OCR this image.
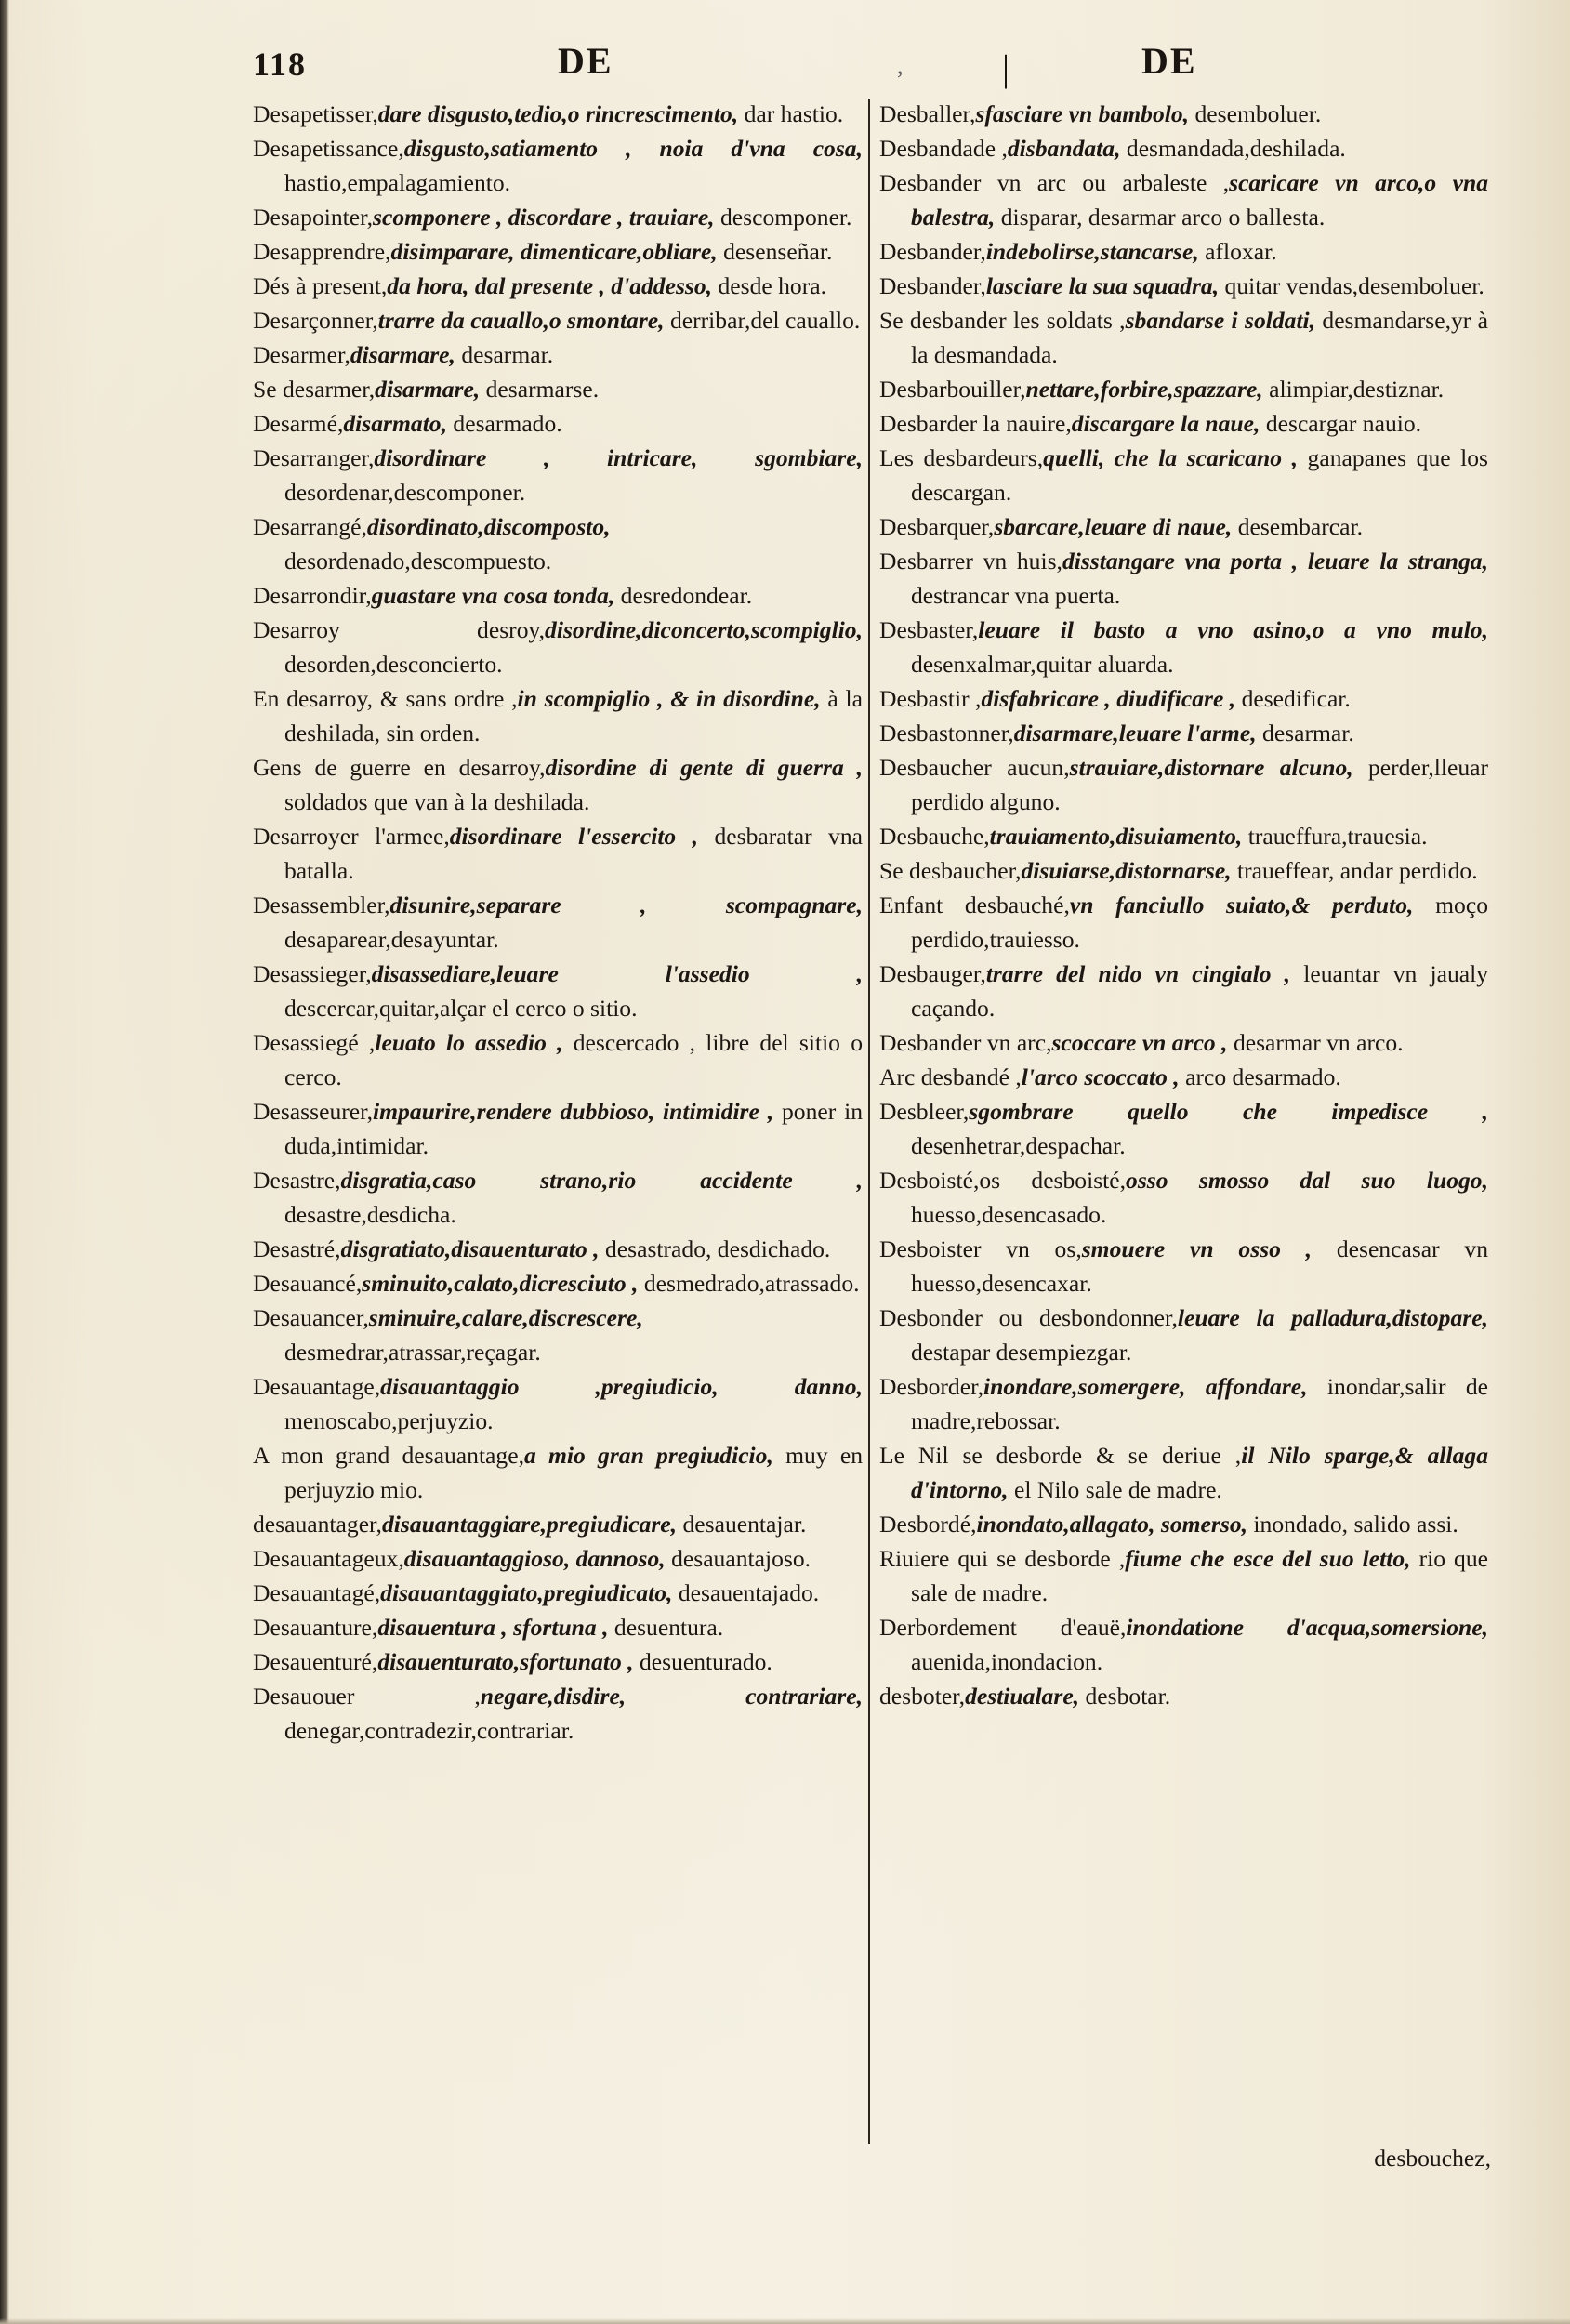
118	DE	,	|	DE

Desapetisser,dare disgusto,tedio,o rincrescimento, dar hastio.

Desapetissance,disgusto,satiamento , noia d'vna cosa, hastio,empalagamiento.

Desapointer,scomponere , discordare , trauiare, descomponer.

Desapprendre,disimparare, dimenticare,obliare, desenseñar.

Dés à present,da hora, dal presente , d'addesso, desde hora.

Desarçonner,trarre da cauallo,o smontare, derribar,del cauallo.

Desarmer,disarmare, desarmar.

Se desarmer,disarmare, desarmarse.

Desarmé,disarmato, desarmado.

Desarranger,disordinare , intricare, sgombiare, desordenar,descomponer.

Desarrangé,disordinato,discomposto, desordenado,descompuesto.

Desarrondir,guastare vna cosa tonda, desredondear.

Desarroy desroy,disordine,diconcerto,scompiglio, desorden,desconcierto.

En desarroy, & sans ordre ,in scompiglio , & in disordine, à la deshilada, sin orden.

Gens de guerre en desarroy,disordine di gente di guerra , soldados que van à la deshilada.

Desarroyer l'armee,disordinare l'essercito , desbaratar vna batalla.

Desassembler,disunire,separare , scompagnare, desaparear,desayuntar.

Desassieger,disassediare,leuare l'assedio , descercar,quitar,alçar el cerco o sitio.

Desassiegé ,leuato lo assedio , descercado , libre del sitio o cerco.

Desasseurer,impaurire,rendere dubbioso, intimidire , poner in duda,intimidar.

Desastre,disgratia,caso strano,rio accidente , desastre,desdicha.

Desastré,disgratiato,disauenturato , desastrado, desdichado.

Desauancé,sminuito,calato,dicresciuto , desmedrado,atrassado.

Desauancer,sminuire,calare,discrescere, desmedrar,atrassar,reçagar.

Desauantage,disauantaggio ,pregiudicio, danno, menoscabo,perjuyzio.

A mon grand desauantage,a mio gran pregiudicio, muy en perjuyzio mio.

desauantager,disauantaggiare,pregiudicare, desauentajar.

Desauantageux,disauantaggioso, dannoso, desauantajoso.

Desauantagé,disauantaggiato,pregiudicato, desauentajado.

Desauanture,disauentura , sfortuna , desuentura.

Desauenturé,disauenturato,sfortunato , desuenturado.

Desauouer ,negare,disdire, contrariare, denegar,contradezir,contrariar.

Desballer,sfasciare vn bambolo, desemboluer.

Desbandade ,disbandata, desmandada,deshilada.

Desbander vn arc ou arbaleste ,scaricare vn arco,o vna balestra, disparar, desarmar arco o ballesta.

Desbander,indebolirse,stancarse, afloxar.

Desbander,lasciare la sua squadra, quitar vendas,desemboluer.

Se desbander les soldats ,sbandarse i soldati, desmandarse,yr à la desmandada.

Desbarbouiller,nettare,forbire,spazzare, alimpiar,destiznar.

Desbarder la nauire,discargare la naue, descargar nauio.

Les desbardeurs,quelli, che la scaricano , ganapanes que los descargan.

Desbarquer,sbarcare,leuare di naue, desembarcar.

Desbarrer vn huis,disstangare vna porta , leuare la stranga, destrancar vna puerta.

Desbaster,leuare il basto a vno asino,o a vno mulo, desenxalmar,quitar aluarda.

Desbastir ,disfabricare , diudificare , desedificar.

Desbastonner,disarmare,leuare l'arme, desarmar.

Desbaucher aucun,strauiare,distornare alcuno, perder,lleuar perdido alguno.

Desbauche,trauiamento,disuiamento, traueffura,trauesia.

Se desbaucher,disuiarse,distornarse, traueffear, andar perdido.

Enfant desbauché,vn fanciullo suiato,& perduto, moço perdido,trauiesso.

Desbauger,trarre del nido vn cingialo , leuantar vn jaualy caçando.

Desbander vn arc,scoccare vn arco , desarmar vn arco.

Arc desbandé ,l'arco scoccato , arco desarmado.

Desbleer,sgombrare quello che impedisce , desenhetrar,despachar.

Desboisté,os desboisté,osso smosso dal suo luogo, huesso,desencasado.

Desboister vn os,smouere vn osso , desencasar vn huesso,desencaxar.

Desbonder ou desbondonner,leuare la palladura,distopare, destapar desempiezgar.

Desborder,inondare,somergere, affondare, inondar,salir de madre,rebossar.

Le Nil se desborde & se deriue ,il Nilo sparge,& allaga d'intorno, el Nilo sale de madre.

Desbordé,inondato,allagato, somerso, inondado, salido assi.

Riuiere qui se desborde ,fiume che esce del suo letto, rio que sale de madre.

Derbordement d'eauë,inondatione d'acqua,somersione, auenida,inondacion.

desboter,destiualare, desbotar.

desbouchez,
